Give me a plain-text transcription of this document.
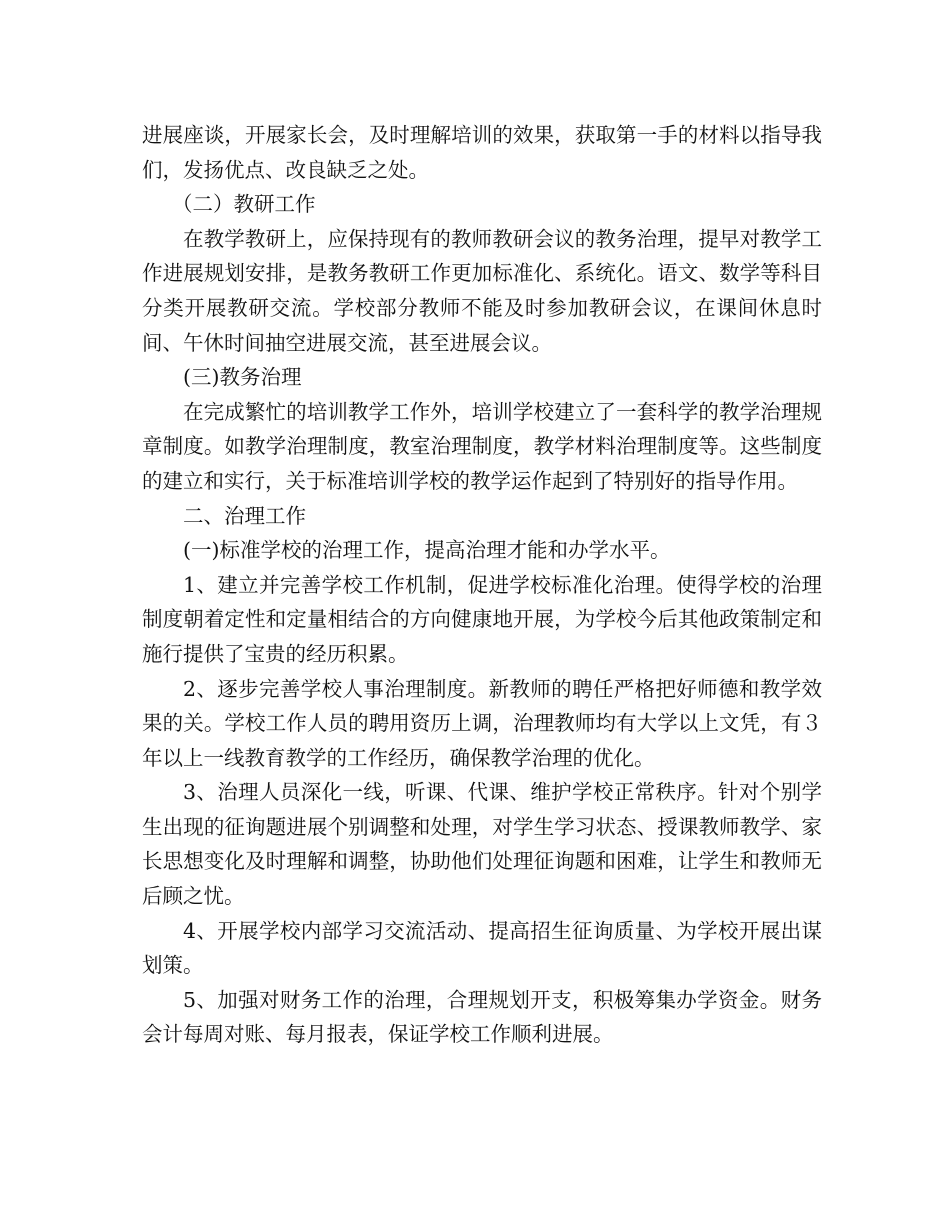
进展座谈，开展家长会，及时理解培训的效果，获取第一手的材料以指导我们，发扬优点、改良缺乏之处。

（二）教研工作

在教学教研上，应保持现有的教师教研会议的教务治理，提早对教学工作进展规划安排，是教务教研工作更加标准化、系统化。语文、数学等科目分类开展教研交流。学校部分教师不能及时参加教研会议，在课间休息时间、午休时间抽空进展交流，甚至进展会议。

(三)教务治理

在完成繁忙的培训教学工作外，培训学校建立了一套科学的教学治理规章制度。如教学治理制度，教室治理制度，教学材料治理制度等。这些制度的建立和实行，关于标准培训学校的教学运作起到了特别好的指导作用。

二、治理工作

(一)标准学校的治理工作，提高治理才能和办学水平。

1、建立并完善学校工作机制，促进学校标准化治理。使得学校的治理制度朝着定性和定量相结合的方向健康地开展，为学校今后其他政策制定和施行提供了宝贵的经历积累。

2、逐步完善学校人事治理制度。新教师的聘任严格把好师德和教学效果的关。学校工作人员的聘用资历上调，治理教师均有大学以上文凭，有３年以上一线教育教学的工作经历，确保教学治理的优化。

3、治理人员深化一线，听课、代课、维护学校正常秩序。针对个别学生出现的征询题进展个别调整和处理，对学生学习状态、授课教师教学、家长思想变化及时理解和调整，协助他们处理征询题和困难，让学生和教师无后顾之忧。

4、开展学校内部学习交流活动、提高招生征询质量、为学校开展出谋划策。

5、加强对财务工作的治理，合理规划开支，积极筹集办学资金。财务会计每周对账、每月报表，保证学校工作顺利进展。
